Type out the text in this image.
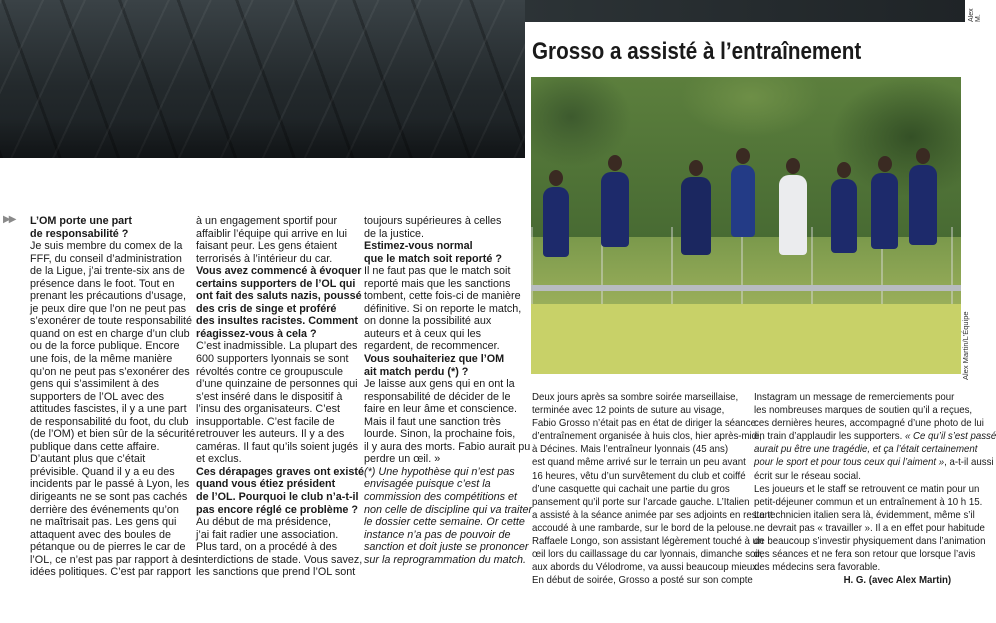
Alex M.
Grosso a assisté à l’entraînement
Alex Martin/L'Équipe
▶▶ L’OM porte une part
de responsabilité ?
Je suis membre du comex de la
FFF, du conseil d’administration
de la Ligue, j’ai trente-six ans de
présence dans le foot. Tout en
prenant les précautions d’usage,
je peux dire que l’on ne peut pas
s’exonérer de toute responsabilité
quand on est en charge d’un club
ou de la force publique. Encore
une fois, de la même manière
qu’on ne peut pas s’exonérer des
gens qui s’assimilent à des
supporters de l’OL avec des
attitudes fascistes, il y a une part
de responsabilité du foot, du club
(de l’OM) et bien sûr de la sécurité
publique dans cette affaire.
D’autant plus que c’était
prévisible. Quand il y a eu des
incidents par le passé à Lyon, les
dirigeants ne se sont pas cachés
derrière des événements qu’on
ne maîtrisait pas. Les gens qui
attaquent avec des boules de
pétanque ou de pierres le car de
l’OL, ce n’est pas par rapport à des
idées politiques. C’est par rapport
à un engagement sportif pour
affaiblir l’équipe qui arrive en lui
faisant peur. Les gens étaient
terrorisés à l’intérieur du car.
Vous avez commencé à évoquer
certains supporters de l’OL qui
ont fait des saluts nazis, poussé
des cris de singe et proféré
des insultes racistes. Comment
réagissez-vous à cela ?
C’est inadmissible. La plupart des
600 supporters lyonnais se sont
révoltés contre ce groupuscule
d’une quinzaine de personnes qui
s’est inséré dans le dispositif à
l’insu des organisateurs. C’est
insupportable. C’est facile de
retrouver les auteurs. Il y a des
caméras. Il faut qu’ils soient jugés
et exclus.
Ces dérapages graves ont existé
quand vous étiez président
de l’OL. Pourquoi le club n’a-t-il
pas encore réglé ce problème ?
Au début de ma présidence,
j’ai fait radier une association.
Plus tard, on a procédé à des
interdictions de stade. Vous savez,
les sanctions que prend l’OL sont
toujours supérieures à celles
de la justice.
Estimez-vous normal
que le match soit reporté ?
Il ne faut pas que le match soit
reporté mais que les sanctions
tombent, cette fois-ci de manière
définitive. Si on reporte le match,
on donne la possibilité aux
auteurs et à ceux qui les
regardent, de recommencer.
Vous souhaiteriez que l’OM
ait match perdu (*) ?
Je laisse aux gens qui en ont la
responsabilité de décider de le
faire en leur âme et conscience.
Mais il faut une sanction très
lourde. Sinon, la prochaine fois,
il y aura des morts. Fabio aurait pu
perdre un œil. »
(*) Une hypothèse qui n’est pas
envisagée puisque c’est la
commission des compétitions et
non celle de discipline qui va traiter
le dossier cette semaine. Or cette
instance n’a pas de pouvoir de
sanction et doit juste se prononcer
sur la reprogrammation du match.
Deux jours après sa sombre soirée marseillaise,
terminée avec 12 points de suture au visage,
Fabio Grosso n’était pas en état de diriger la séance
d’entraînement organisée à huis clos, hier après-midi,
à Décines. Mais l’entraîneur lyonnais (45 ans)
est quand même arrivé sur le terrain un peu avant
16 heures, vêtu d’un survêtement du club et coiffé
d’une casquette qui cachait une partie du gros
pansement qu’il porte sur l’arcade gauche. L’Italien
a assisté à la séance animée par ses adjoints en restant
accoudé à une rambarde, sur le bord de la pelouse.
Raffaele Longo, son assistant légèrement touché à un
œil lors du caillassage du car lyonnais, dimanche soir,
aux abords du Vélodrome, va aussi beaucoup mieux.
En début de soirée, Grosso a posté sur son compte
Instagram un message de remerciements pour
les nombreuses marques de soutien qu’il a reçues,
ces dernières heures, accompagné d’une photo de lui
en train d’applaudir les supporters. « Ce qu’il s’est passé
aurait pu être une tragédie, et ça l’était certainement
pour le sport et pour tous ceux qui l’aiment », a-t-il aussi
écrit sur le réseau social.
Les joueurs et le staff se retrouvent ce matin pour un
petit-déjeuner commun et un entraînement à 10 h 15.
Le technicien italien sera là, évidemment, même s’il
ne devrait pas « travailler ». Il a en effet pour habitude
de beaucoup s’investir physiquement dans l’animation
des séances et ne fera son retour que lorsque l’avis
des médecins sera favorable.
H. G. (avec Alex Martin)
